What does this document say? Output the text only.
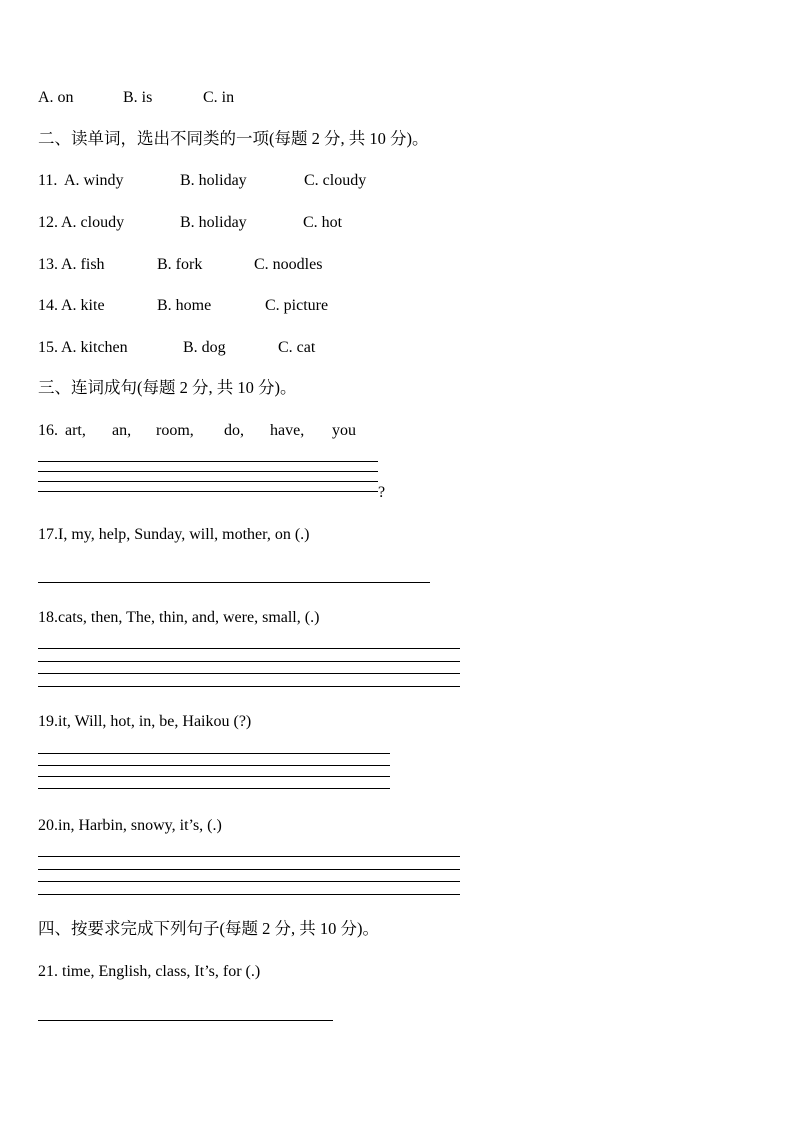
A. on	B. is	C. in
二、读单词，选出不同类的一项(每题 2 分, 共 10 分)。
11. A. windy	B. holiday	C. cloudy
12. A. cloudy	B. holiday	C. hot
13. A. fish	B. fork	C. noodles
14. A. kite	B. home	C. picture
15. A. kitchen	B. dog	C. cat
三、连词成句(每题 2 分, 共 10 分)。
16. art, an, room, do, have, you
?
17.I, my, help, Sunday, will, mother, on (.)
18.cats, then, The, thin, and, were, small, (.)
19.it, Will, hot, in, be, Haikou (?)
20.in, Harbin, snowy, it’s, (.)
四、按要求完成下列句子(每题 2 分, 共 10 分)。
21. time, English, class, It’s, for (.)
